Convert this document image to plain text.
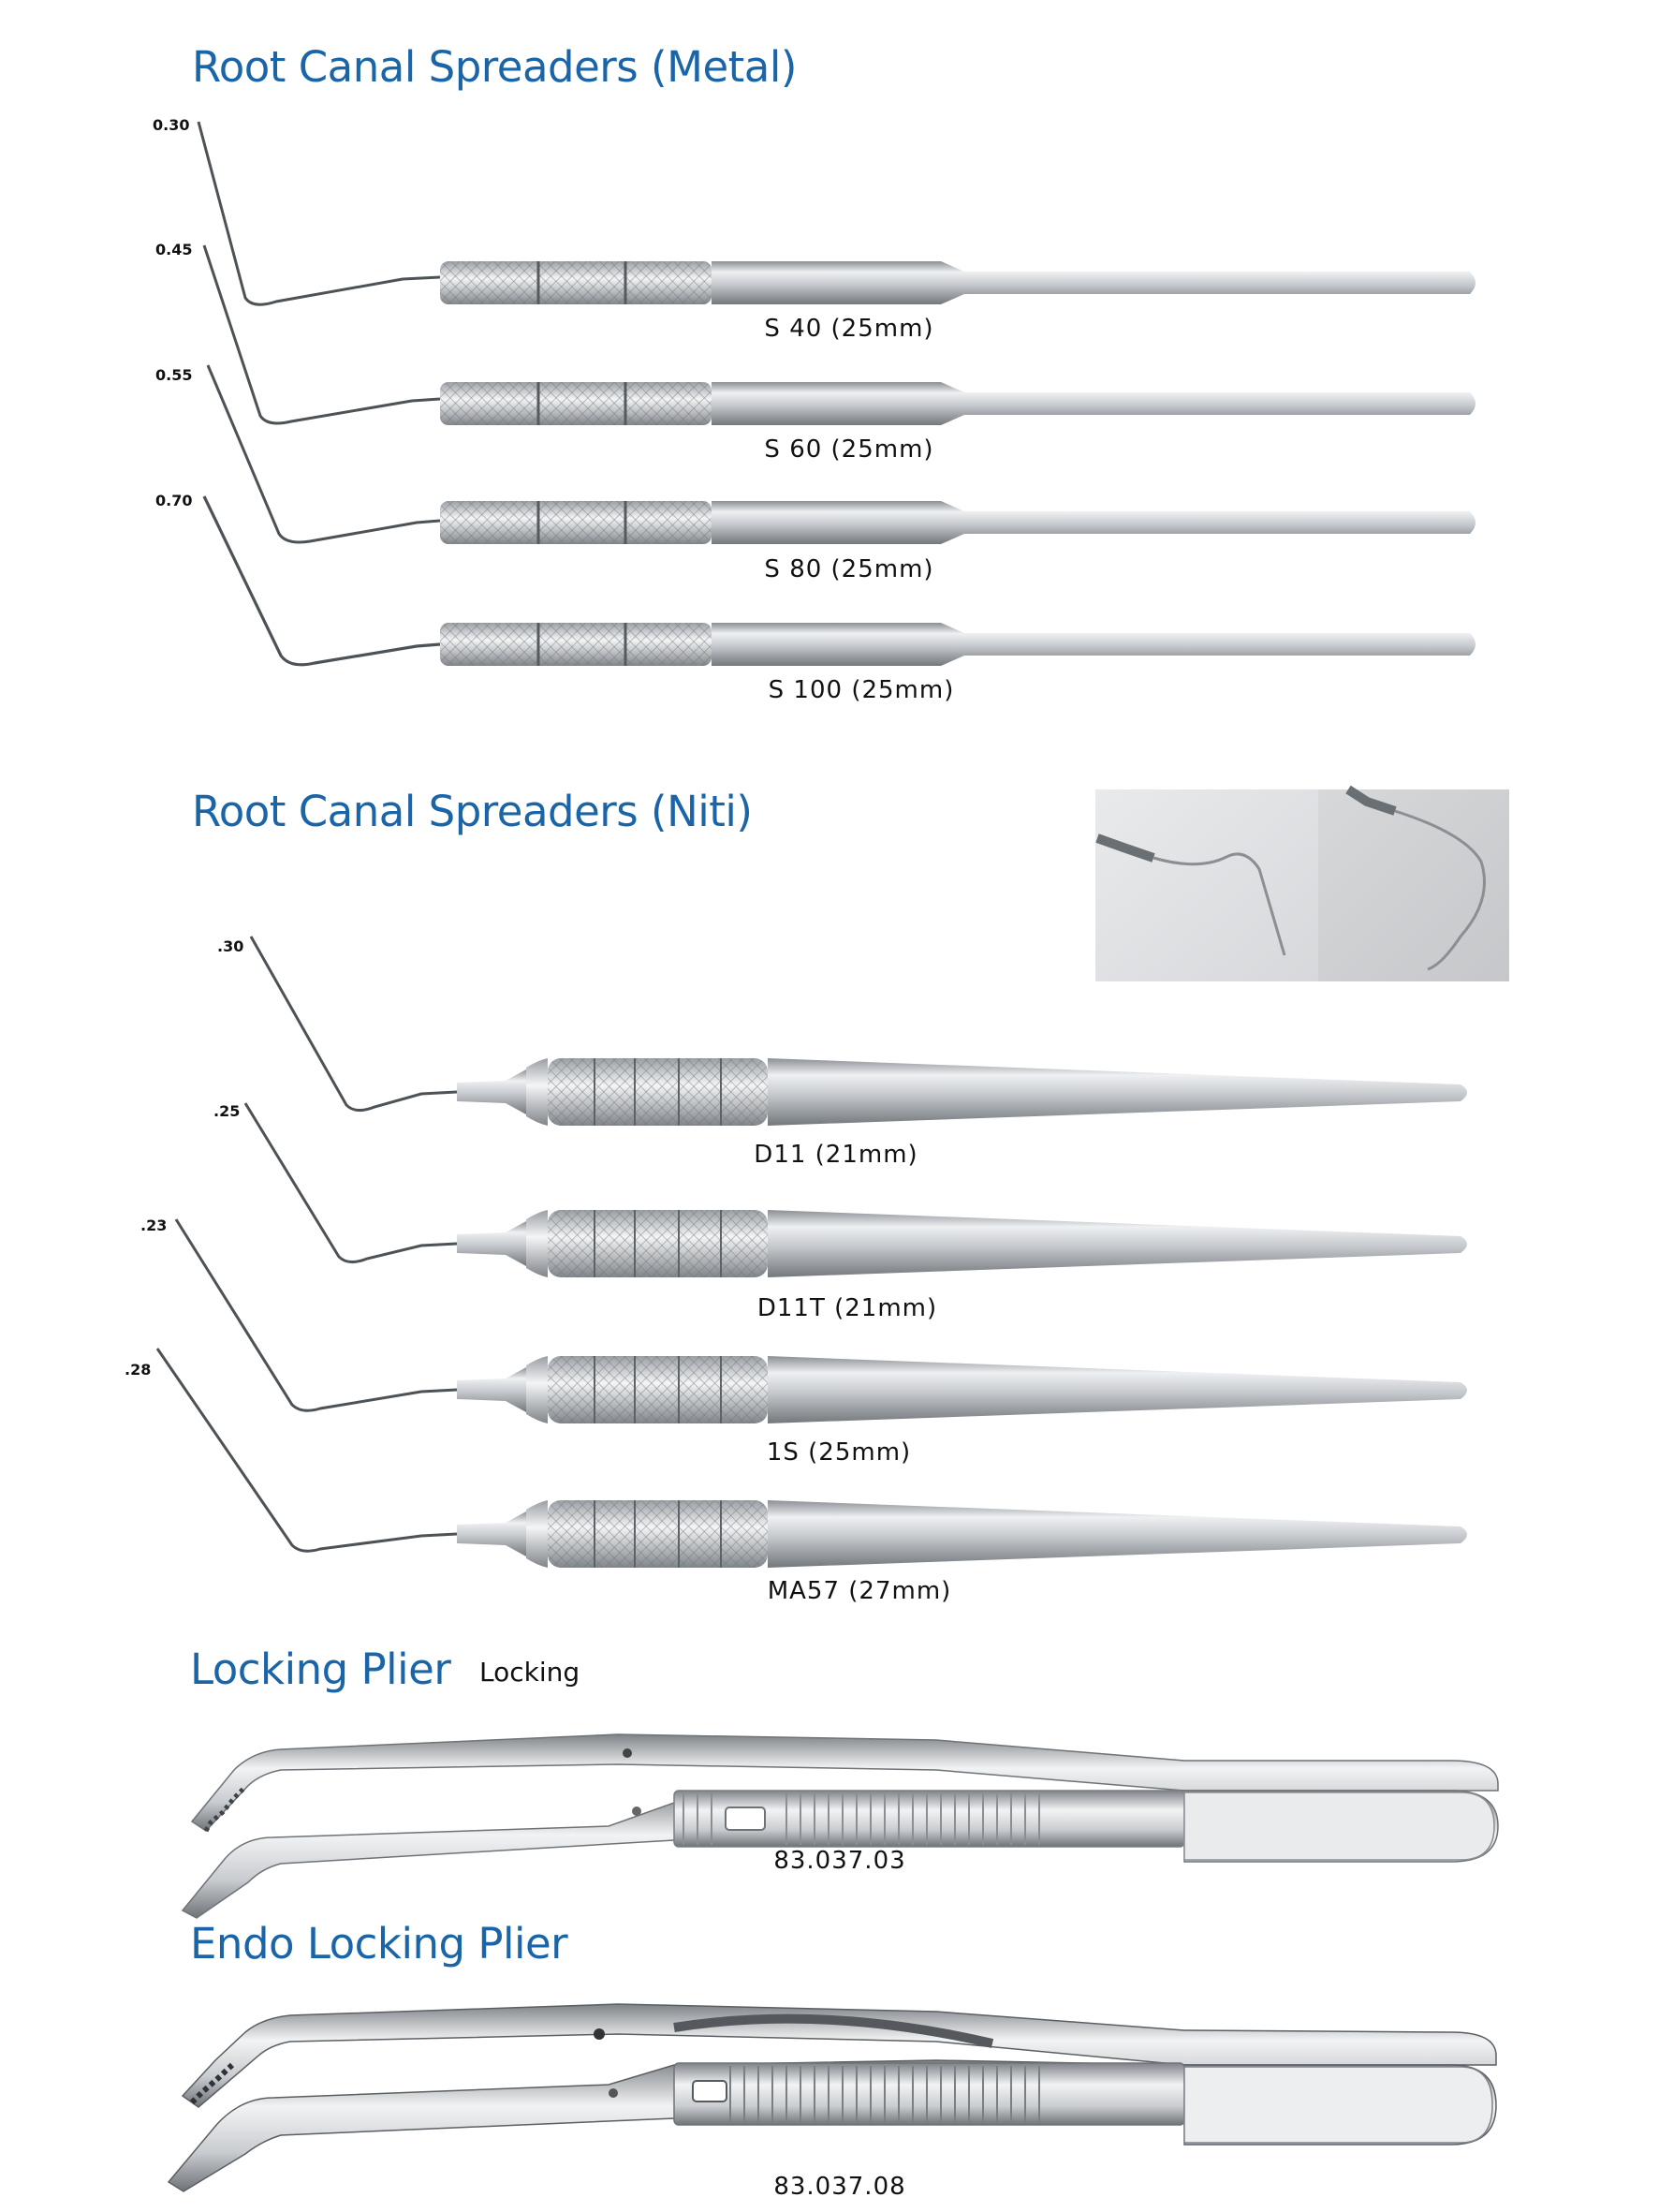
Root Canal Spreaders (Metal)
0.30
0.45
0.55
0.70
S 40 (25mm)
S 60 (25mm)
S 80 (25mm)
S 100 (25mm)
Root Canal Spreaders (Niti)
.30
.25
.23
.28
D11 (21mm)
D11T (21mm)
1S (25mm)
MA57 (27mm)
Locking Plier Locking
83.037.03
Endo Locking Plier
83.037.08
